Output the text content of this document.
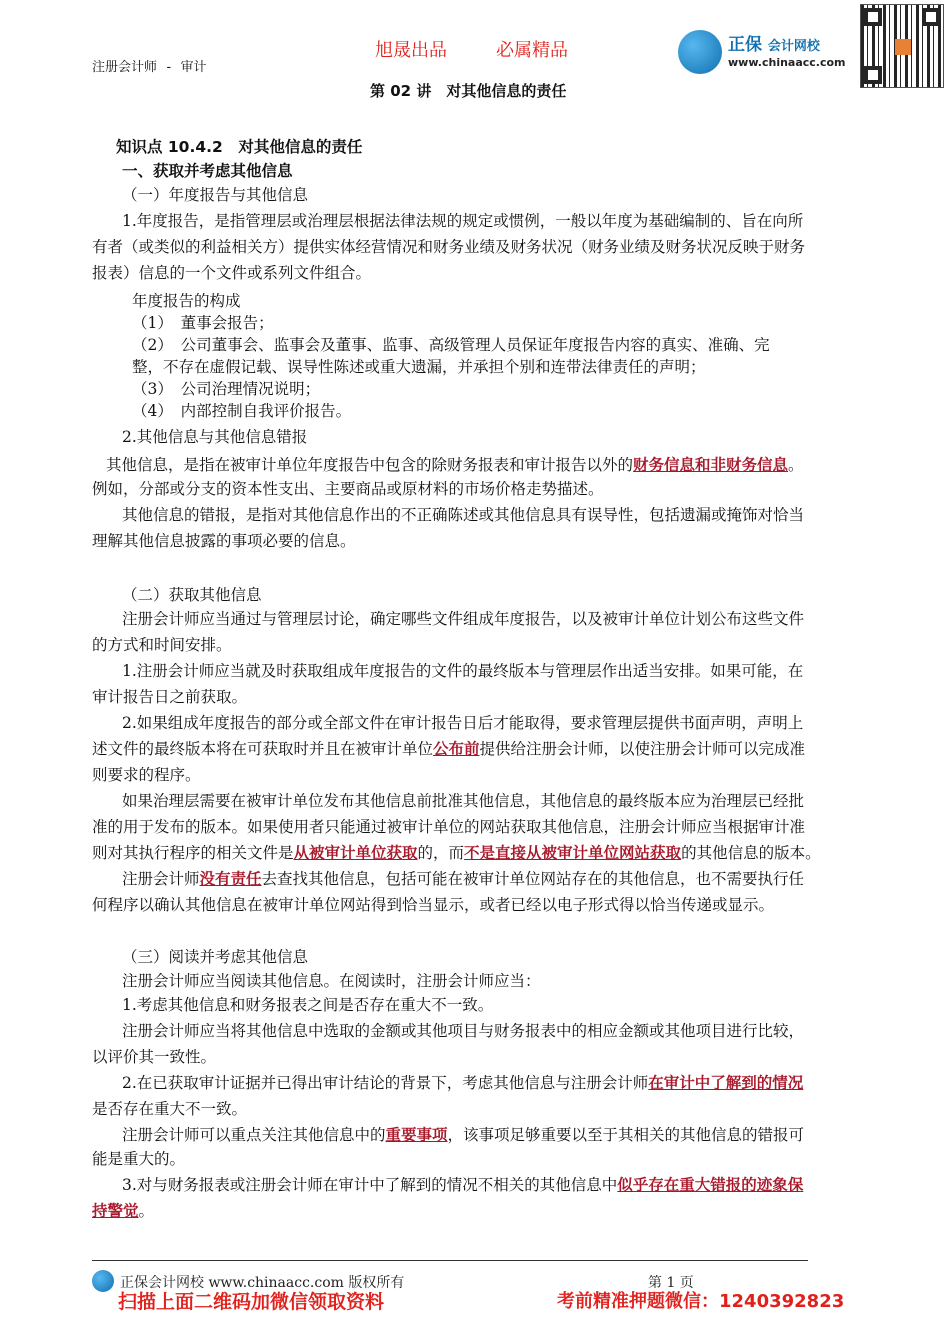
旭晟出品	必属精品
注册会计师 - 审计
第 02 讲　对其他信息的责任
正保 会计网校
www.chinaacc.com
知识点 10.4.2　对其他信息的责任
一、获取并考虑其他信息
（一）年度报告与其他信息
1.年度报告，是指管理层或治理层根据法律法规的规定或惯例，一般以年度为基础编制的、旨在向所
有者（或类似的利益相关方）提供实体经营情况和财务业绩及财务状况（财务业绩及财务状况反映于财务
报表）信息的一个文件或系列文件组合。
年度报告的构成
（1）　董事会报告；
（2）　公司董事会、监事会及董事、监事、高级管理人员保证年度报告内容的真实、准确、完
整，不存在虚假记载、误导性陈述或重大遗漏，并承担个别和连带法律责任的声明；
（3）　公司治理情况说明；
（4）　内部控制自我评价报告。
2.其他信息与其他信息错报
其他信息，是指在被审计单位年度报告中包含的除财务报表和审计报告以外的财务信息和非财务信息。
例如，分部或分支的资本性支出、主要商品或原材料的市场价格走势描述。
其他信息的错报，是指对其他信息作出的不正确陈述或其他信息具有误导性，包括遗漏或掩饰对恰当
理解其他信息披露的事项必要的信息。
（二）获取其他信息
注册会计师应当通过与管理层讨论，确定哪些文件组成年度报告，以及被审计单位计划公布这些文件
的方式和时间安排。
1.注册会计师应当就及时获取组成年度报告的文件的最终版本与管理层作出适当安排。如果可能，在
审计报告日之前获取。
2.如果组成年度报告的部分或全部文件在审计报告日后才能取得，要求管理层提供书面声明，声明上
述文件的最终版本将在可获取时并且在被审计单位公布前提供给注册会计师，以使注册会计师可以完成准
则要求的程序。
如果治理层需要在被审计单位发布其他信息前批准其他信息，其他信息的最终版本应为治理层已经批
准的用于发布的版本。如果使用者只能通过被审计单位的网站获取其他信息，注册会计师应当根据审计准
则对其执行程序的相关文件是从被审计单位获取的，而不是直接从被审计单位网站获取的其他信息的版本。
注册会计师没有责任去查找其他信息，包括可能在被审计单位网站存在的其他信息，也不需要执行任
何程序以确认其他信息在被审计单位网站得到恰当显示，或者已经以电子形式得以恰当传递或显示。
（三）阅读并考虑其他信息
注册会计师应当阅读其他信息。在阅读时，注册会计师应当：
1.考虑其他信息和财务报表之间是否存在重大不一致。
注册会计师应当将其他信息中选取的金额或其他项目与财务报表中的相应金额或其他项目进行比较，
以评价其一致性。
2.在已获取审计证据并已得出审计结论的背景下，考虑其他信息与注册会计师在审计中了解到的情况
是否存在重大不一致。
注册会计师可以重点关注其他信息中的重要事项，该事项足够重要以至于其相关的其他信息的错报可
能是重大的。
3.对与财务报表或注册会计师在审计中了解到的情况不相关的其他信息中似乎存在重大错报的迹象保
持警觉。
正保会计网校 www.chinaacc.com 版权所有	第 1 页
扫描上面二维码加微信领取资料	考前精准押题微信：1240392823
